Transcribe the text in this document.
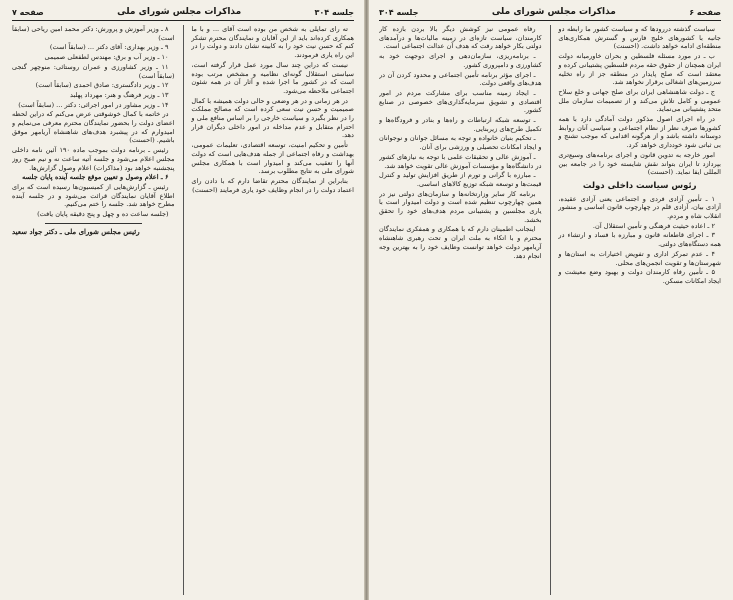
جلسه ۳۰۴
مذاکرات مجلس شورای ملی
صفحه ۷

ته رای تمایلی به شخص من بوده است آقای ... و با ما همکاری کرده‌اند باید از این آقایان و نمایندگان محترم تشکر کنم که حسن نیت خود را به کابینه نشان دادند و دولت را در این راه یاری فرمودند.

نیست که دراین چند سال مورد عمل قرار گرفته است، سیاستی استقلال گونه‌ای نظامیه و مشخص مرتب بوده است که در کشور ما اجرا شده و آثار آن در همه شئون اجتماعی ملاحظه می‌شود.

در هر زمانی و در هر وضعی و حالی دولت همیشه با کمال صمیمیت و حسن نیت سعی کرده است که مصالح مملکت را در نظر بگیرد و سیاست خارجی را بر اساس منافع ملی و احترام متقابل و عدم مداخله در امور داخلی دیگران قرار دهد.

تأمین و تحکیم امنیت، توسعه اقتصادی، تعلیمات عمومی، بهداشت و رفاه اجتماعی از جمله هدف‌هایی است که دولت آنها را تعقیب می‌کند و امیدوار است با همکاری مجلس شورای ملی به نتایج مطلوب برسد.

بنابراین از نمایندگان محترم تقاضا دارم که با دادن رای اعتماد دولت را در انجام وظایف خود یاری فرمایند (احسنت)

۸ ـ وزیر آموزش و پرورش: دکتر محمد امین ریاحی (سابقاً است)

۹ ـ وزیر بهداری: آقای دکتر ... (سابقاً است)

۱۰ ـ وزیر آب و برق: مهندس لطفعلی صمیمی

۱۱ ـ وزیر کشاورزی و عمران روستائی: منوچهر گنجی (سابقاً است)

۱۲ ـ وزیر دادگستری: صادق احمدی (سابقاً است)

۱۳ ـ وزیر فرهنگ و هنر: مهرداد پهلبد

۱۴ ـ وزیر مشاور در امور اجرائی: دکتر ... (سابقاً است)

در خاتمه با کمال خوشوقتی عرض می‌کنم که دراین لحظه اعضای دولت را بحضور نمایندگان محترم معرفی می‌نمایم و امیدوارم که در پیشبرد هدف‌های شاهنشاه آریامهر موفق باشیم. (احسنت)

رئیس ـ برنامه دولت بموجب ماده ۱۹۰ آئین نامه داخلی مجلس اعلام می‌شود و جلسه آتیه ساعت نه و نیم صبح روز پنجشنبه خواهد بود (مذاکرات) اعلام وصول گزارش‌ها.

۶ ـ اعلام وصول و تعیین موقع جلسه آینده پایان جلسه

رئیس ـ گزارش‌هایی از کمیسیون‌ها رسیده است که برای اطلاع آقایان نمایندگان قرائت می‌شود و در جلسه آینده مطرح خواهد شد. جلسه را ختم می‌کنیم.

(جلسه ساعت ده و چهل و پنج دقیقه پایان یافت)

رئیس مجلس شورای ملی ـ دکتر جواد سعید
صفحه ۶
مذاکرات مجلس شورای ملی
جلسه ۳۰۴

سیاست گذشته دررودها که و سیاست کشور ما رابطه دو جانبه با کشورهای خلیج فارس و گسترش همکاری‌های منطقه‌ای ادامه خواهد داشت. (احسنت)

ب ـ در مورد مسئله فلسطین و بحران خاورمیانه دولت ایران همچنان از حقوق حقه مردم فلسطین پشتیبانی کرده و معتقد است که صلح پایدار در منطقه جز از راه تخلیه سرزمین‌های اشغالی برقرار نخواهد شد.

ج ـ دولت شاهنشاهی ایران برای صلح جهانی و خلع سلاح عمومی و کامل تلاش می‌کند و از تصمیمات سازمان ملل متحد پشتیبانی می‌نماید.

در راه اجرای اصول مذکور دولت آمادگی دارد با همه کشورها صرف نظر از نظام اجتماعی و سیاسی آنان روابط دوستانه داشته باشد و از هرگونه اقدامی که موجب تشنج و بی ثباتی شود خودداری خواهد کرد.

امور خارجه به تدوین قانون و اجرای برنامه‌های وسیع‌تری بپردازد تا ایران بتواند نقش شایسته خود را در جامعه بین المللی ایفا نماید. (احسنت)

رئوس سیاست داخلی دولت

۱ ـ تأمین آزادی فردی و اجتماعی یعنی آزادی عقیده، آزادی بیان، آزادی قلم در چهارچوب قانون اساسی و منشور انقلاب شاه و مردم.

۲ ـ اعاده حیثیت فرهنگی و تأمین استقلال آن.

۳ ـ اجرای قاطعانه قانون و مبارزه با فساد و ارتشاء در همه دستگاه‌های دولتی.

۴ ـ عدم تمرکز اداری و تفویض اختیارات به استان‌ها و شهرستان‌ها و تقویت انجمن‌های محلی.

۵ ـ تأمین رفاه کارمندان دولت و بهبود وضع معیشت و ایجاد امکانات مسکن.

رفاه عمومی نیز کوشش دیگر بالا بردن بازده کار کارمندان، سیاست تازه‌ای در زمینه مالیات‌ها و درآمدهای دولتی بکار خواهد رفت که هدف آن عدالت اجتماعی است.

ـ برنامه‌ریزی، سازمان‌دهی و اجرای دوجهت خود به کشاورزی و دامپروری کشور.

ـ اجرای مؤثر برنامه تأمین اجتماعی و محدود کردن آن در هدف‌های واقعی دولت.

ـ ایجاد زمینه مناسب برای مشارکت مردم در امور اقتصادی و تشویق سرمایه‌گذاری‌های خصوصی در صنایع کشور.

ـ توسعه شبکه ارتباطات و راه‌ها و بنادر و فرودگاه‌ها و تکمیل طرح‌های زیربنایی.

ـ تحکیم بنیان خانواده و توجه به مسائل جوانان و نوجوانان و ایجاد امکانات تحصیلی و ورزشی برای آنان.

ـ آموزش عالی و تحقیقات علمی با توجه به نیازهای کشور در دانشگاه‌ها و مؤسسات آموزش عالی تقویت خواهد شد.

ـ مبارزه با گرانی و تورم از طریق افزایش تولید و کنترل قیمت‌ها و توسعه شبکه توزیع کالاهای اساسی.

برنامه کار سایر وزارتخانه‌ها و سازمان‌های دولتی نیز در همین چهارچوب تنظیم شده است و دولت امیدوار است با یاری مجلسین و پشتیبانی مردم هدف‌های خود را تحقق بخشد.

اینجانب اطمینان دارم که با همکاری و همفکری نمایندگان محترم و با اتکاء به ملت ایران و تحت رهبری شاهنشاه آریامهر دولت خواهد توانست وظایف خود را به بهترین وجه انجام دهد.
